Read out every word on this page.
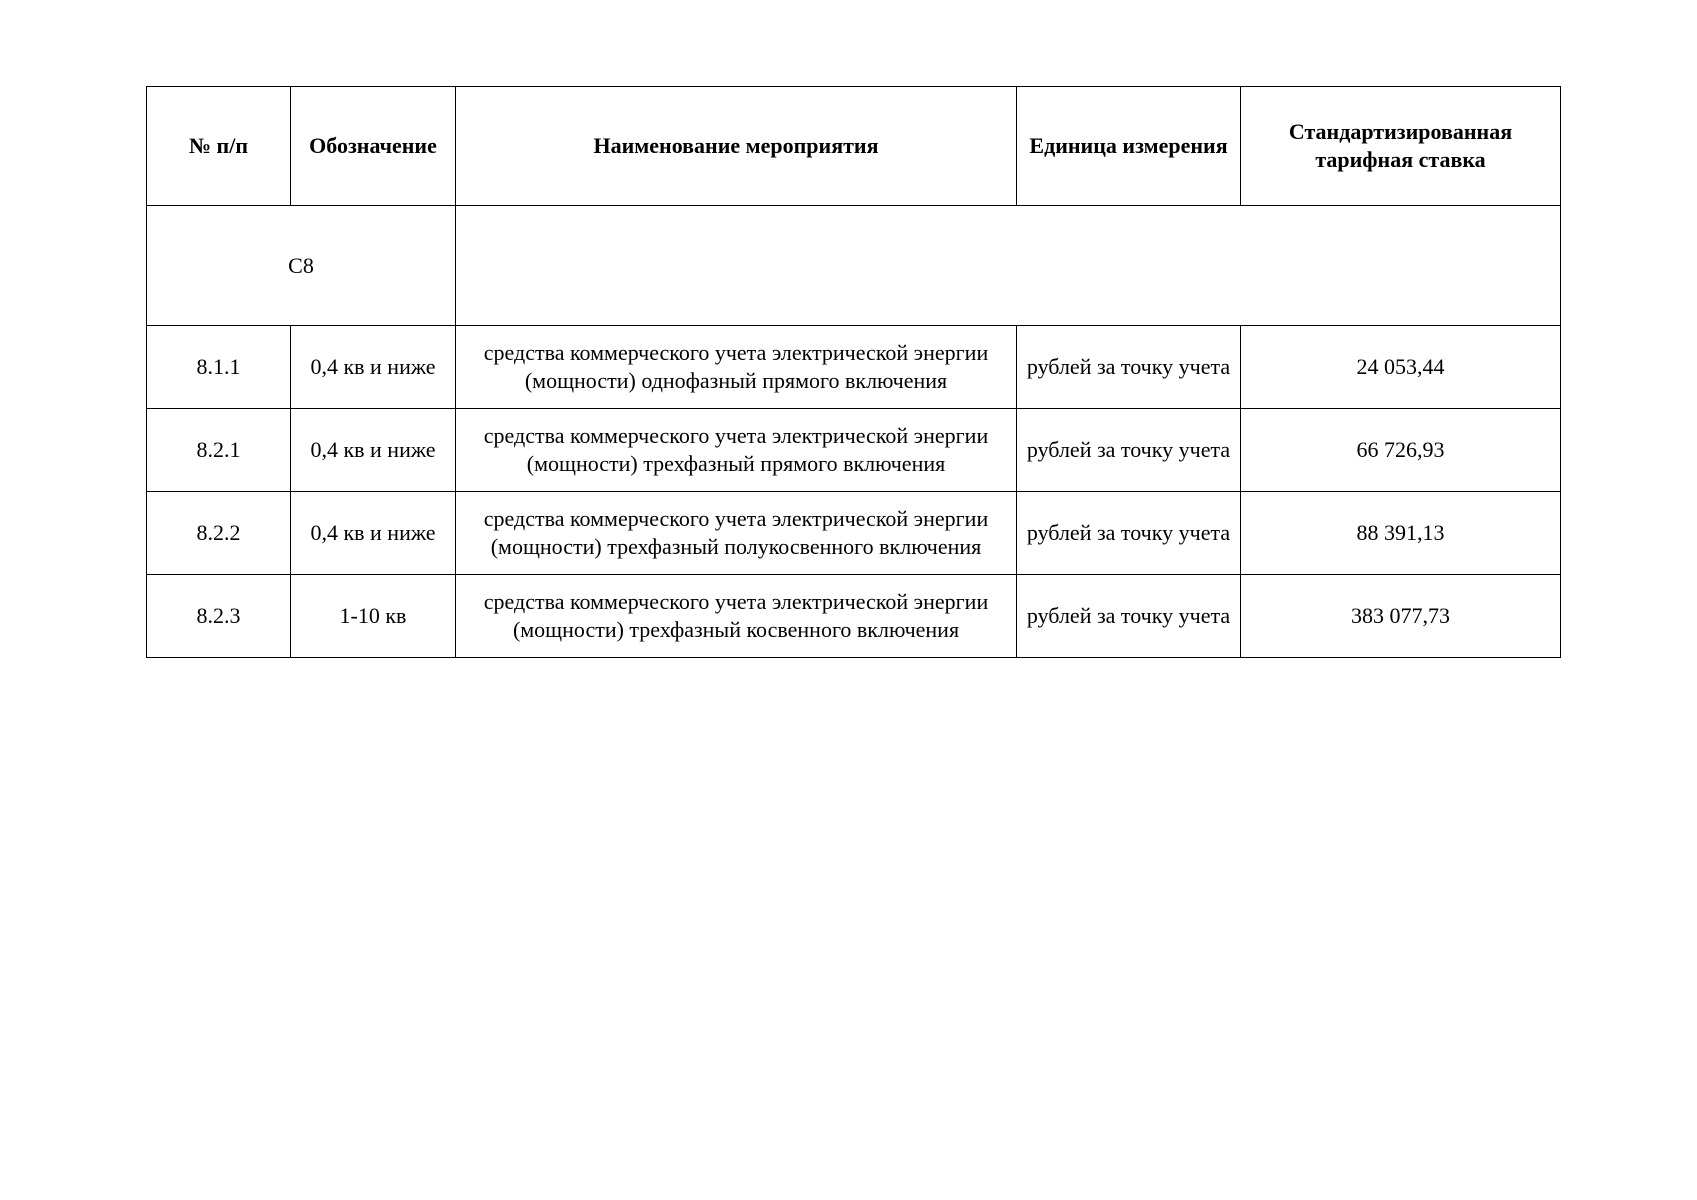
№ п/п	Обозначение	Наименование мероприятия	Единица измерения	Стандартизированная тарифная ставка
С8				
8.1.1	0,4 кв и ниже	средства коммерческого учета электрической энергии (мощности) однофазный прямого включения	рублей за точку учета	24 053,44
8.2.1	0,4 кв и ниже	средства коммерческого учета электрической энергии (мощности) трехфазный прямого включения	рублей за точку учета	66 726,93
8.2.2	0,4 кв и ниже	средства коммерческого учета электрической энергии (мощности) трехфазный полукосвенного включения	рублей за точку учета	88 391,13
8.2.3	1-10 кв	средства коммерческого учета электрической энергии (мощности) трехфазный косвенного включения	рублей за точку учета	383 077,73
